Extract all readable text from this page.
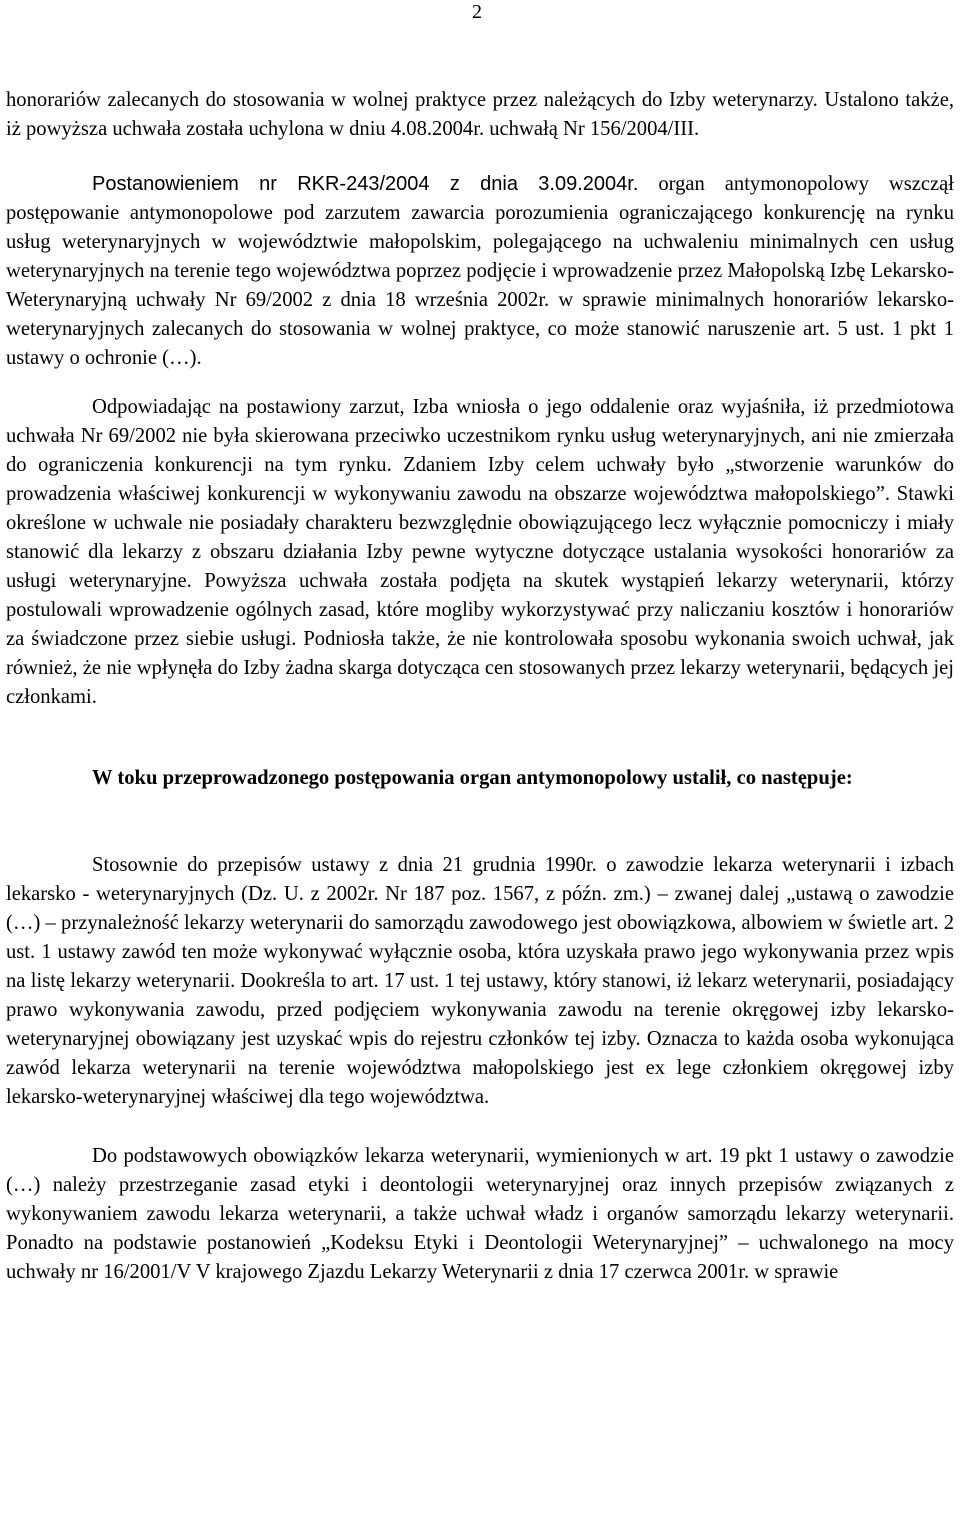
2

honorariów zalecanych do stosowania w wolnej praktyce przez należących do Izby weterynarzy. Ustalono także, iż powyższa uchwała została uchylona w dniu 4.08.2004r. uchwałą Nr 156/2004/III.

Postanowieniem nr RKR-243/2004 z dnia 3.09.2004r. organ antymonopolowy wszczął postępowanie antymonopolowe pod zarzutem zawarcia porozumienia ograniczającego konkurencję na rynku usług weterynaryjnych w województwie małopolskim, polegającego na uchwaleniu minimalnych cen usług weterynaryjnych na terenie tego województwa poprzez podjęcie i wprowadzenie przez Małopolską Izbę Lekarsko-Weterynaryjną uchwały Nr 69/2002 z dnia 18 września 2002r. w sprawie minimalnych honorariów lekarsko-weterynaryjnych zalecanych do stosowania w wolnej praktyce, co może stanowić naruszenie art. 5 ust. 1 pkt 1 ustawy o ochronie (…).

Odpowiadając na postawiony zarzut, Izba wniosła o jego oddalenie oraz wyjaśniła, iż przedmiotowa uchwała Nr 69/2002 nie była skierowana przeciwko uczestnikom rynku usług weterynaryjnych, ani nie zmierzała do ograniczenia konkurencji na tym rynku. Zdaniem Izby celem uchwały było „stworzenie warunków do prowadzenia właściwej konkurencji w wykonywaniu zawodu na obszarze województwa małopolskiego”. Stawki określone w uchwale nie posiadały charakteru bezwzględnie obowiązującego lecz wyłącznie pomocniczy i miały stanowić dla lekarzy z obszaru działania Izby pewne wytyczne dotyczące ustalania wysokości honorariów za usługi weterynaryjne. Powyższa uchwała została podjęta na skutek wystąpień lekarzy weterynarii, którzy postulowali wprowadzenie ogólnych zasad, które mogliby wykorzystywać przy naliczaniu kosztów i honorariów za świadczone przez siebie usługi. Podniosła także, że nie kontrolowała sposobu wykonania swoich uchwał, jak również, że nie wpłynęła do Izby żadna skarga dotycząca cen stosowanych przez lekarzy weterynarii, będących jej członkami.

W toku przeprowadzonego postępowania organ antymonopolowy ustalił, co następuje:

Stosownie do przepisów ustawy z dnia 21 grudnia 1990r. o zawodzie lekarza weterynarii i izbach lekarsko - weterynaryjnych (Dz. U. z 2002r. Nr 187 poz. 1567, z późn. zm.) – zwanej dalej „ustawą o zawodzie (…) – przynależność lekarzy weterynarii do samorządu zawodowego jest obowiązkowa, albowiem w świetle art. 2 ust. 1 ustawy zawód ten może wykonywać wyłącznie osoba, która uzyskała prawo jego wykonywania przez wpis na listę lekarzy weterynarii. Dookreśla to art. 17 ust. 1 tej ustawy, który stanowi, iż lekarz weterynarii, posiadający prawo wykonywania zawodu, przed podjęciem wykonywania zawodu na terenie okręgowej izby lekarsko-weterynaryjnej obowiązany jest uzyskać wpis do rejestru członków tej izby. Oznacza to każda osoba wykonująca zawód lekarza weterynarii na terenie województwa małopolskiego jest ex lege członkiem okręgowej izby lekarsko-weterynaryjnej właściwej dla tego województwa.

Do podstawowych obowiązków lekarza weterynarii, wymienionych w art. 19 pkt 1 ustawy o zawodzie (…) należy przestrzeganie zasad etyki i deontologii weterynaryjnej oraz innych przepisów związanych z wykonywaniem zawodu lekarza weterynarii, a także uchwał władz i organów samorządu lekarzy weterynarii. Ponadto na podstawie postanowień „Kodeksu Etyki i Deontologii Weterynaryjnej” – uchwalonego na mocy uchwały nr 16/2001/V V krajowego Zjazdu Lekarzy Weterynarii z dnia 17 czerwca 2001r. w sprawie
